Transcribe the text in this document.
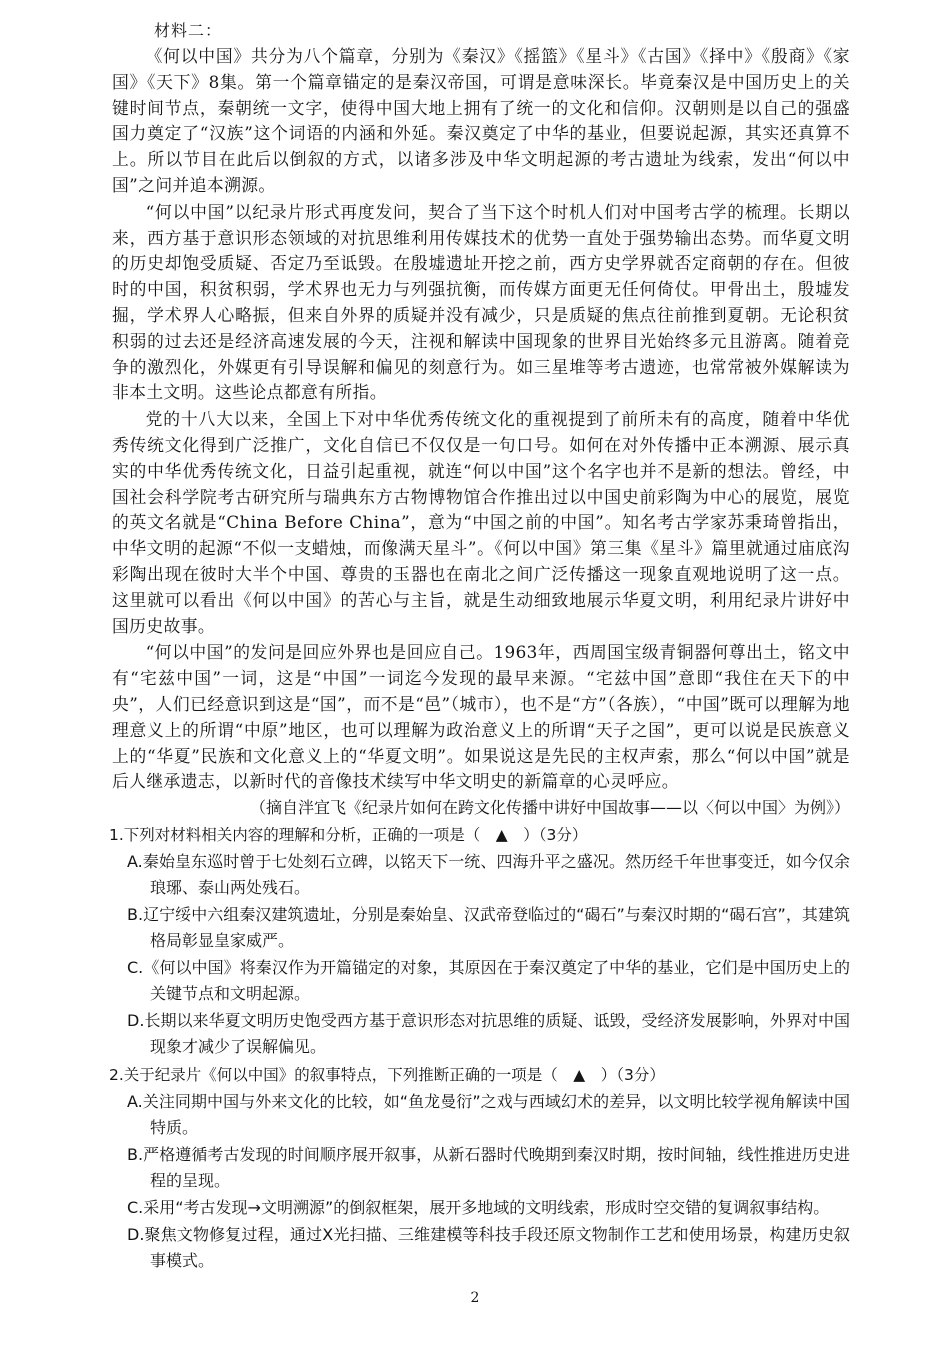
材料二：

《何以中国》共分为八个篇章，分别为《秦汉》《摇篮》《星斗》《古国》《择中》《殷商》《家国》《天下》8集。第一个篇章锚定的是秦汉帝国，可谓是意味深长。毕竟秦汉是中国历史上的关键时间节点，秦朝统一文字，使得中国大地上拥有了统一的文化和信仰。汉朝则是以自己的强盛国力奠定了“汉族”这个词语的内涵和外延。秦汉奠定了中华的基业，但要说起源，其实还真算不上。所以节目在此后以倒叙的方式，以诸多涉及中华文明起源的考古遗址为线索，发出“何以中国”之问并追本溯源。

“何以中国”以纪录片形式再度发问，契合了当下这个时机人们对中国考古学的梳理。长期以来，西方基于意识形态领域的对抗思维利用传媒技术的优势一直处于强势输出态势。而华夏文明的历史却饱受质疑、否定乃至诋毁。在殷墟遗址开挖之前，西方史学界就否定商朝的存在。但彼时的中国，积贫积弱，学术界也无力与列强抗衡，而传媒方面更无任何倚仗。甲骨出土，殷墟发掘，学术界人心略振，但来自外界的质疑并没有减少，只是质疑的焦点往前推到夏朝。无论积贫积弱的过去还是经济高速发展的今天，注视和解读中国现象的世界目光始终多元且游离。随着竞争的激烈化，外媒更有引导误解和偏见的刻意行为。如三星堆等考古遗迹，也常常被外媒解读为非本土文明。这些论点都意有所指。

党的十八大以来，全国上下对中华优秀传统文化的重视提到了前所未有的高度，随着中华优秀传统文化得到广泛推广，文化自信已不仅仅是一句口号。如何在对外传播中正本溯源、展示真实的中华优秀传统文化，日益引起重视，就连“何以中国”这个名字也并不是新的想法。曾经，中国社会科学院考古研究所与瑞典东方古物博物馆合作推出过以中国史前彩陶为中心的展览，展览的英文名就是“China Before China”，意为“中国之前的中国”。知名考古学家苏秉琦曾指出，中华文明的起源“不似一支蜡烛，而像满天星斗”。《何以中国》第三集《星斗》篇里就通过庙底沟彩陶出现在彼时大半个中国、尊贵的玉器也在南北之间广泛传播这一现象直观地说明了这一点。这里就可以看出《何以中国》的苦心与主旨，就是生动细致地展示华夏文明，利用纪录片讲好中国历史故事。

“何以中国”的发问是回应外界也是回应自己。1963年，西周国宝级青铜器何尊出土，铭文中有“宅兹中国”一词，这是“中国”一词迄今发现的最早来源。“宅兹中国”意即“我住在天下的中央”，人们已经意识到这是“国”，而不是“邑”（城市），也不是“方”（各族），“中国”既可以理解为地理意义上的所谓“中原”地区，也可以理解为政治意义上的所谓“天子之国”，更可以说是民族意义上的“华夏”民族和文化意义上的“华夏文明”。如果说这是先民的主权声索，那么“何以中国”就是后人继承遗志，以新时代的音像技术续写中华文明史的新篇章的心灵呼应。

（摘自泮宜飞《纪录片如何在跨文化传播中讲好中国故事——以〈何以中国〉为例》）
1.下列对材料相关内容的理解和分析，正确的一项是（　▲　）（3分）
A.秦始皇东巡时曾于七处刻石立碑，以铭天下一统、四海升平之盛况。然历经千年世事变迁，如今仅余琅琊、泰山两处残石。
B.辽宁绥中六组秦汉建筑遗址，分别是秦始皇、汉武帝登临过的“碣石”与秦汉时期的“碣石宫”，其建筑格局彰显皇家威严。
C.《何以中国》将秦汉作为开篇锚定的对象，其原因在于秦汉奠定了中华的基业，它们是中国历史上的关键节点和文明起源。
D.长期以来华夏文明历史饱受西方基于意识形态对抗思维的质疑、诋毁，受经济发展影响，外界对中国现象才减少了误解偏见。
2.关于纪录片《何以中国》的叙事特点，下列推断正确的一项是（　▲　）（3分）
A.关注同期中国与外来文化的比较，如“鱼龙曼衍”之戏与西域幻术的差异，以文明比较学视角解读中国特质。
B.严格遵循考古发现的时间顺序展开叙事，从新石器时代晚期到秦汉时期，按时间轴，线性推进历史进程的呈现。
C.采用“考古发现→文明溯源”的倒叙框架，展开多地域的文明线索，形成时空交错的复调叙事结构。
D.聚焦文物修复过程，通过X光扫描、三维建模等科技手段还原文物制作工艺和使用场景，构建历史叙事模式。
2
